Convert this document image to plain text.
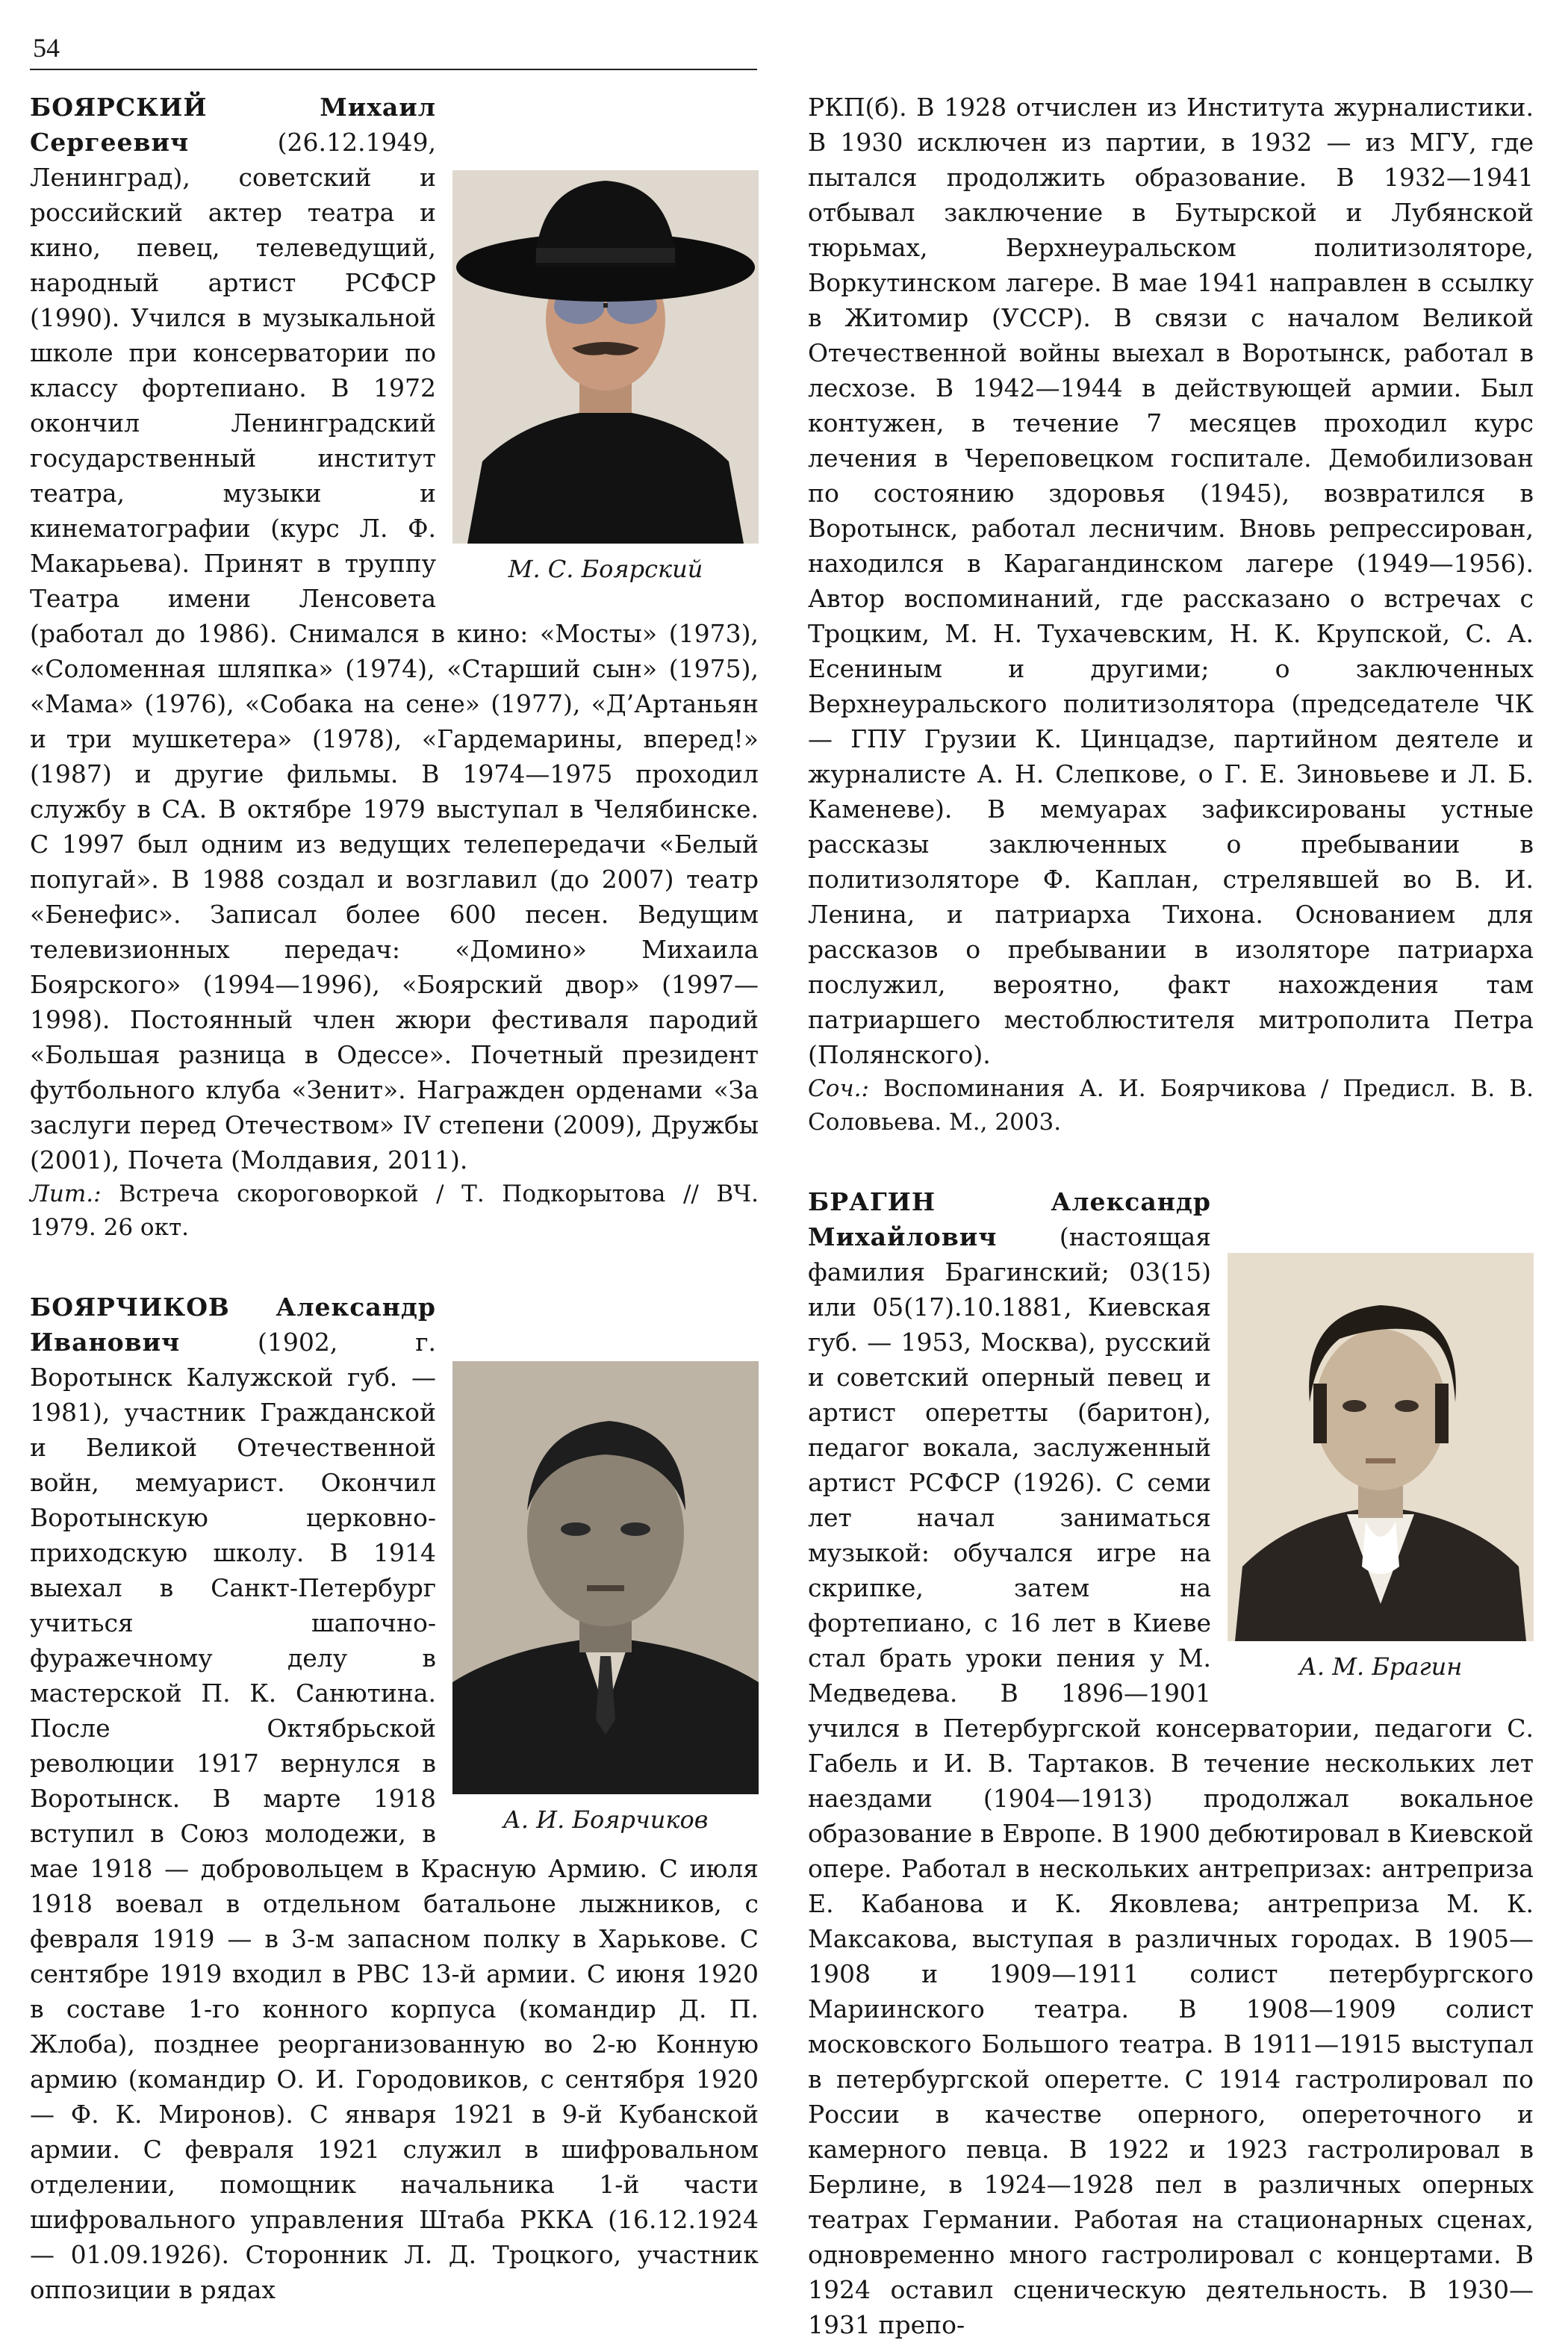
54
М. С. Боярский

БОЯРСКИЙ Михаил Сергеевич (26.12.1949, Ленинград), советский и российский актер театра и кино, певец, телеведущий, народный артист РСФСР (1990). Учился в музыкальной школе при консерватории по классу фортепиано. В 1972 окончил Ленинградский государственный институт театра, музыки и кинематографии (курс Л. Ф. Макарьева). Принят в труппу Театра имени Ленсовета (работал до 1986). Снимался в кино: «Мосты» (1973), «Соломенная шляпка» (1974), «Старший сын» (1975), «Мама» (1976), «Собака на сене» (1977), «Д’Артаньян и три мушкетера» (1978), «Гардемарины, вперед!» (1987) и другие фильмы. В 1974—1975 проходил службу в СА. В октябре 1979 выступал в Челябинске. С 1997 был одним из ведущих телепередачи «Белый попугай». В 1988 создал и возглавил (до 2007) театр «Бенефис». Записал более 600 песен. Ведущим телевизионных передач: «Домино» Михаила Боярского» (1994—1996), «Боярский двор» (1997—1998). Постоянный член жюри фестиваля пародий «Большая разница в Одессе». Почетный президент футбольного клуба «Зенит». Награжден орденами «За заслуги перед Отечеством» IV степени (2009), Дружбы (2001), Почета (Молдавия, 2011).

Лит.: Встреча скороговоркой / Т. Подкорытова // ВЧ. 1979. 26 окт.

А. И. Боярчиков

БОЯРЧИКОВ Александр Иванович (1902, г. Воротынск Калужской губ. — 1981), участник Гражданской и Великой Отечественной войн, мемуарист. Окончил Воротынскую церковно-приходскую школу. В 1914 выехал в Санкт-Петербург учиться шапочно-фуражечному делу в мастерской П. К. Санютина. После Октябрьской революции 1917 вернулся в Воротынск. В марте 1918 вступил в Союз молодежи, в мае 1918 — добровольцем в Красную Армию. С июля 1918 воевал в отдельном батальоне лыжников, с февраля 1919 — в 3-м запасном полку в Харькове. С сентябре 1919 входил в РВС 13-й армии. С июня 1920 в составе 1-го конного корпуса (командир Д. П. Жлоба), позднее реорганизованную во 2-ю Конную армию (командир О. И. Городовиков, с сентября 1920 — Ф. К. Миронов). С января 1921 в 9-й Кубанской армии. С февраля 1921 служил в шифровальном отделении, помощник начальника 1-й части шифровального управления Штаба РККА (16.12.1924 — 01.09.1926). Сторонник Л. Д. Троцкого, участник оппозиции в рядах

РКП(б). В 1928 отчислен из Института журналистики. В 1930 исключен из партии, в 1932 — из МГУ, где пытался продолжить образование. В 1932—1941 отбывал заключение в Бутырской и Лубянской тюрьмах, Верхнеуральском политизоляторе, Воркутинском лагере. В мае 1941 направлен в ссылку в Житомир (УССР). В связи с началом Великой Отечественной войны выехал в Воротынск, работал в лесхозе. В 1942—1944 в действующей армии. Был контужен, в течение 7 месяцев проходил курс лечения в Череповецком госпитале. Демобилизован по состоянию здоровья (1945), возвратился в Воротынск, работал лесничим. Вновь репрессирован, находился в Карагандинском лагере (1949—1956). Автор воспоминаний, где рассказано о встречах с Троцким, М. Н. Тухачевским, Н. К. Крупской, С. А. Есениным и другими; о заключенных Верхнеуральского политизолятора (председателе ЧК — ГПУ Грузии К. Цинцадзе, партийном деятеле и журналисте А. Н. Слепкове, о Г. Е. Зиновьеве и Л. Б. Каменеве). В мемуарах зафиксированы устные рассказы заключенных о пребывании в политизоляторе Ф. Каплан, стрелявшей во В. И. Ленина, и патриарха Тихона. Основанием для рассказов о пребывании в изоляторе патриарха послужил, вероятно, факт нахождения там патриаршего местоблюстителя митрополита Петра (Полянского).

Соч.: Воспоминания А. И. Боярчикова / Предисл. В. В. Соловьева. М., 2003.

А. М. Брагин

БРАГИН Александр Михайлович (настоящая фамилия Брагинский; 03(15) или 05(17).10.1881, Киевская губ. — 1953, Москва), русский и советский оперный певец и артист оперетты (баритон), педагог вокала, заслуженный артист РСФСР (1926). С семи лет начал заниматься музыкой: обучался игре на скрипке, затем на фортепиано, с 16 лет в Киеве стал брать уроки пения у М. Медведева. В 1896—1901 учился в Петербургской консерватории, педагоги С. Габель и И. В. Тартаков. В течение нескольких лет наездами (1904—1913) продолжал вокальное образование в Европе. В 1900 дебютировал в Киевской опере. Работал в нескольких антрепризах: антреприза Е. Кабанова и К. Яковлева; антреприза М. К. Максакова, выступая в различных городах. В 1905—1908 и 1909—1911 солист петербургского Мариинского театра. В 1908—1909 солист московского Большого театра. В 1911—1915 выступал в петербургской оперетте. С 1914 гастролировал по России в качестве оперного, опереточного и камерного певца. В 1922 и 1923 гастролировал в Берлине, в 1924—1928 пел в различных оперных театрах Германии. Работая на стационарных сценах, одновременно много гастролировал с концертами. В 1924 оставил сценическую деятельность. В 1930—1931 препо-
